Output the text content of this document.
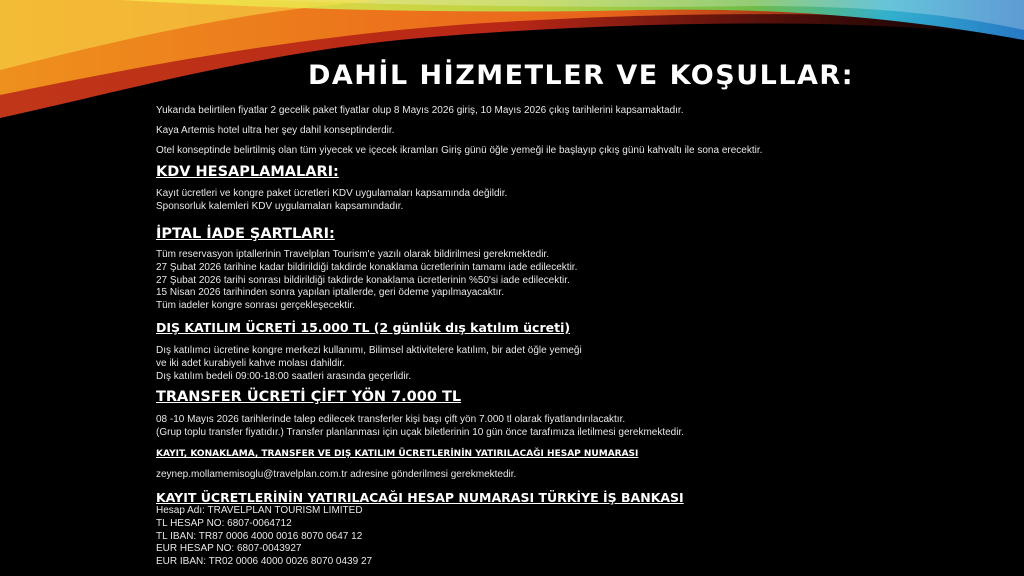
DAHİL HİZMETLER VE KOŞULLAR:

Yukarıda belirtilen fiyatlar 2 gecelik paket fiyatlar olup 8 Mayıs 2026 giriş, 10 Mayıs 2026 çıkış tarihlerini kapsamaktadır.

Kaya Artemis hotel ultra her şey dahil konseptinderdir.

Otel konseptinde belirtilmiş olan tüm yiyecek ve içecek ikramları Giriş günü öğle yemeği ile başlayıp çıkış günü kahvaltı ile sona erecektir.

KDV HESAPLAMALARI:
Kayıt ücretleri ve kongre paket ücretleri KDV uygulamaları kapsamında değildir.
Sponsorluk kalemleri KDV uygulamaları kapsamındadır.
İPTAL İADE ŞARTLARI:
Tüm reservasyon iptallerinin Travelplan Tourism'e yazılı olarak bildirilmesi gerekmektedir.
27 Şubat 2026 tarihine kadar bildirildiği takdirde konaklama ücretlerinin tamamı iade edilecektir.
27 Şubat 2026 tarihi sonrası bildirildiği takdirde konaklama ücretlerinin %50'si iade edilecektir.
15 Nisan 2026 tarihinden sonra yapılan iptallerde, geri ödeme yapılmayacaktır.
Tüm iadeler kongre sonrası gerçekleşecektir.
DIŞ KATILIM ÜCRETİ 15.000 TL (2 günlük dış katılım ücreti)
Dış katılımcı ücretine kongre merkezi kullanımı, Bilimsel aktivitelere katılım, bir adet öğle yemeği
ve iki adet kurabiyeli kahve molası dahildir.
Dış katılım bedeli 09:00-18:00 saatleri arasında geçerlidir.
TRANSFER ÜCRETİ ÇİFT YÖN 7.000 TL
08 -10 Mayıs 2026 tarihlerinde talep edilecek transferler kişi başı çift yön 7.000 tl olarak fiyatlandırılacaktır.
(Grup toplu transfer fiyatıdır.) Transfer planlanması için uçak biletlerinin 10 gün önce tarafımıza iletilmesi gerekmektedir.
KAYIT, KONAKLAMA, TRANSFER VE DIŞ KATILIM ÜCRETLERİNİN YATIRILACAĞI HESAP NUMARASI

zeynep.mollamemisoglu@travelplan.com.tr adresine gönderilmesi gerekmektedir.

KAYIT ÜCRETLERİNİN YATIRILACAĞI HESAP NUMARASI TÜRKİYE İŞ BANKASI
Hesap Adı: TRAVELPLAN TOURISM LIMITED
TL HESAP NO: 6807-0064712
TL IBAN: TR87 0006 4000 0016 8070 0647 12
EUR HESAP NO: 6807-0043927
EUR IBAN: TR02 0006 4000 0026 8070 0439 27
